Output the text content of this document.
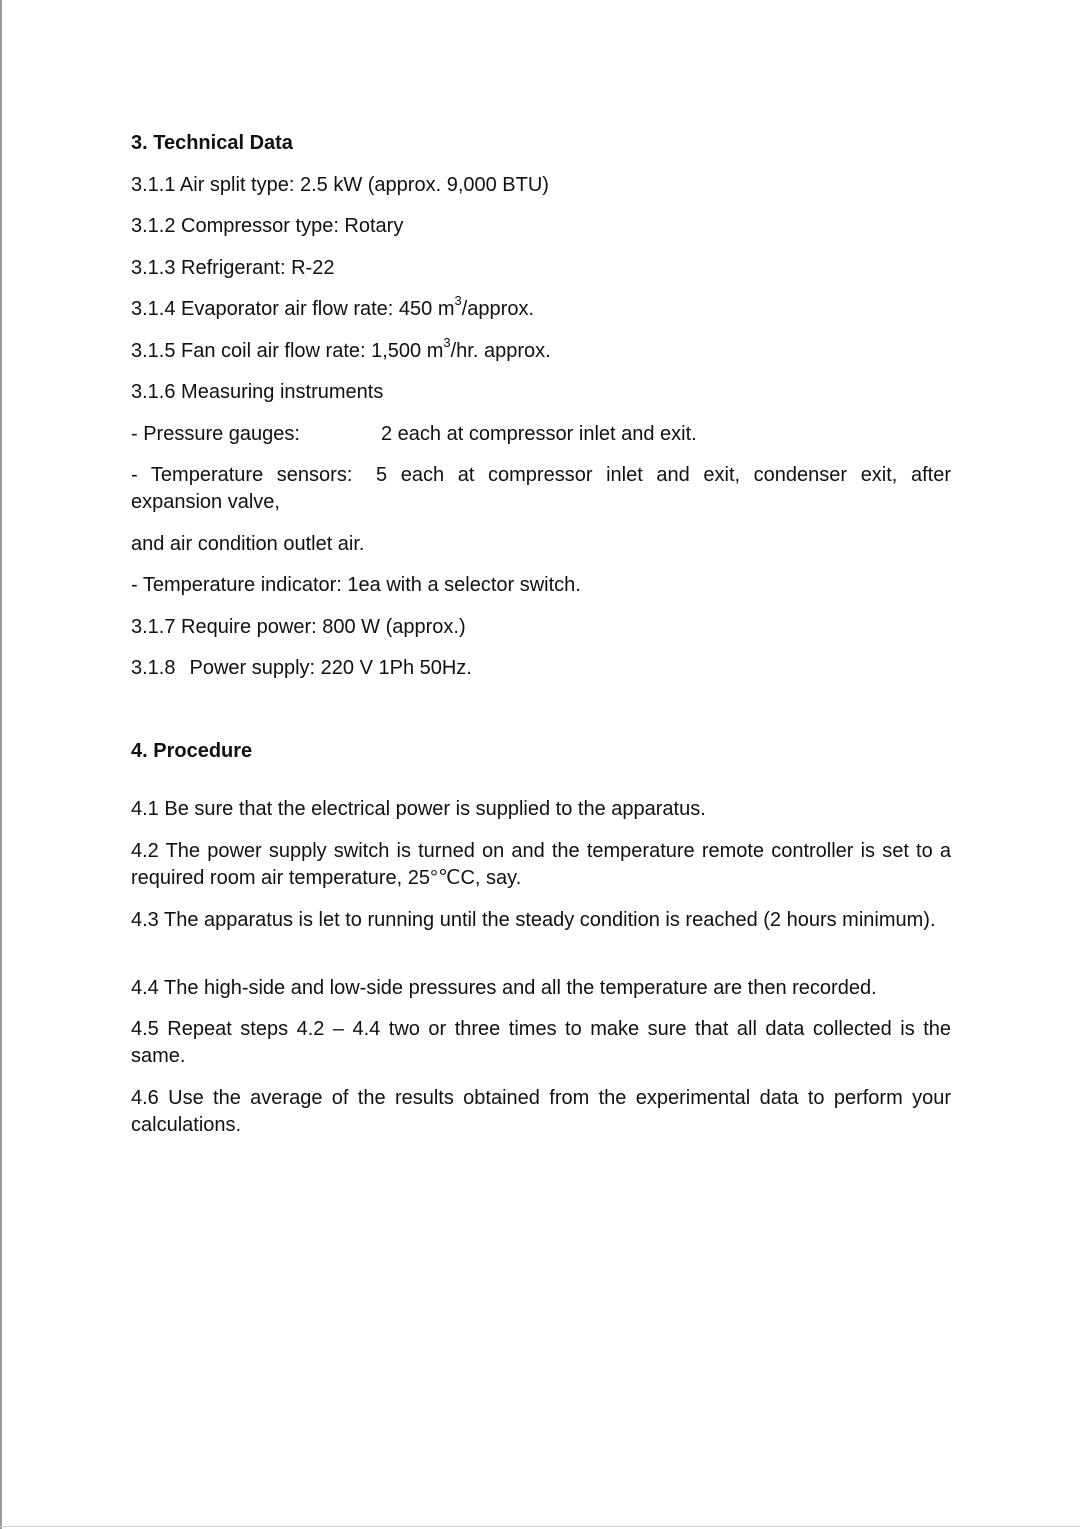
3. Technical Data
3.1.1 Air split type: 2.5 kW (approx. 9,000 BTU)
3.1.2 Compressor type: Rotary
3.1.3 Refrigerant: R-22
3.1.4 Evaporator air flow rate: 450 $m^3$/approx.
3.1.5 Fan coil air flow rate: 1,500 $m^3/hr$. approx.
3.1.6 Measuring instruments
- Pressure gauges:	2 each at compressor inlet and exit.
- Temperature sensors: 5 each at compressor inlet and exit, condenser exit, after expansion valve,
and air condition outlet air.
- Temperature indicator: 1ea with a selector switch.
3.1.7 Require power: 800 W (approx.)
3.1.8 Power supply: 220 V 1Ph 50Hz.
4. Procedure
4.1 Be sure that the electrical power is supplied to the apparatus.
4.2 The power supply switch is turned on and the temperature remote controller is set to a required room air temperature, 25°℃C, say.
4.3 The apparatus is let to running until the steady condition is reached (2 hours minimum).
4.4 The high-side and low-side pressures and all the temperature are then recorded.
4.5 Repeat steps 4.2 – 4.4 two or three times to make sure that all data collected is the same.
4.6 Use the average of the results obtained from the experimental data to perform your calculations.
